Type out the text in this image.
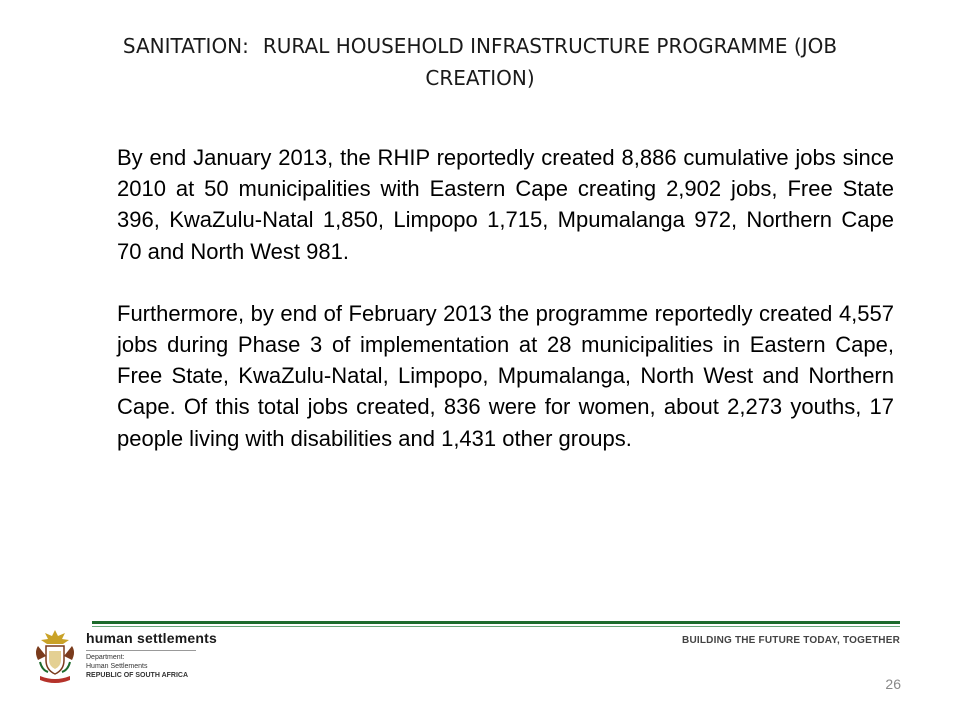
SANITATION: RURAL HOUSEHOLD INFRASTRUCTURE PROGRAMME (JOB
CREATION)

By end January 2013, the RHIP reportedly created 8,886 cumulative jobs since 2010 at 50 municipalities with Eastern Cape creating 2,902 jobs, Free State 396, KwaZulu-Natal 1,850, Limpopo 1,715, Mpumalanga 972, Northern Cape 70 and North West 981.

Furthermore, by end of February 2013 the programme reportedly created 4,557 jobs during Phase 3 of implementation at 28 municipalities in Eastern Cape, Free State, KwaZulu-Natal, Limpopo, Mpumalanga, North West and Northern Cape. Of this total jobs created, 836 were for women, about 2,273 youths, 17 people living with disabilities and 1,431 other groups.

human settlements
Department:
Human Settlements
REPUBLIC OF SOUTH AFRICA
BUILDING THE FUTURE TODAY, TOGETHER
26
